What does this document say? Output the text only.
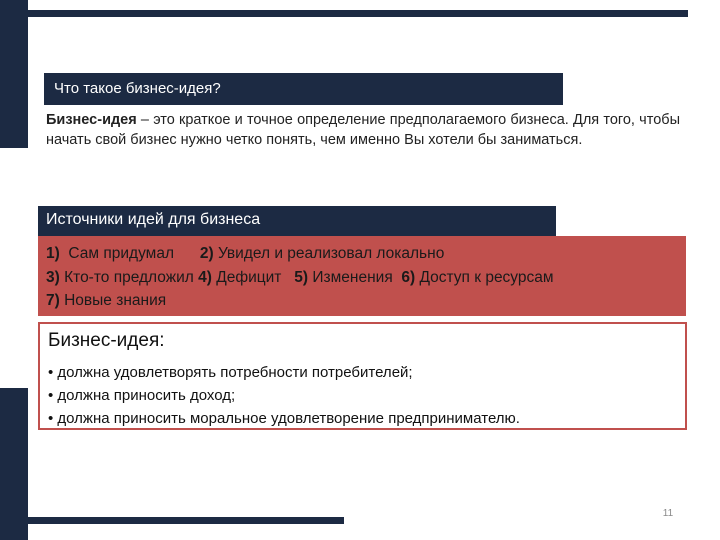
Что такое бизнес-идея?
Бизнес-идея – это краткое и точное определение предполагаемого бизнеса. Для того, чтобы начать свой бизнес нужно четко понять, чем именно Вы хотели бы заниматься.
Источники идей для бизнеса
1) Сам придумал 2) Увидел и реализовал локально
3) Кто-то предложил 4) Дефицит 5) Изменения 6) Доступ к ресурсам
7) Новые знания
Бизнес-идея:
• должна удовлетворять потребности потребителей;
• должна приносить доход;
• должна приносить моральное удовлетворение предпринимателю.
11
